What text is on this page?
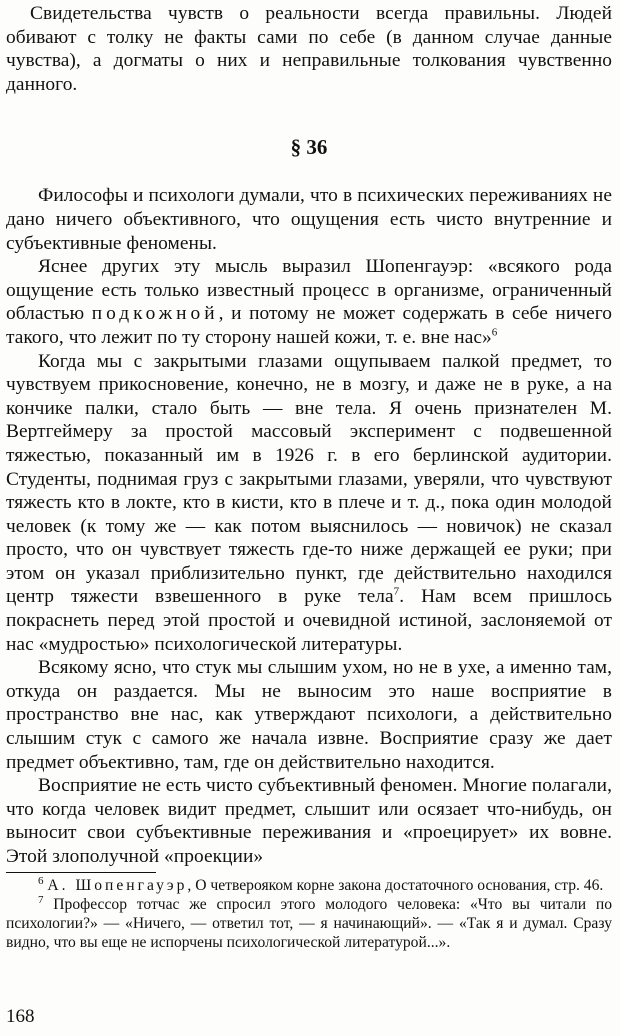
Свидетельства чувств о реальности всегда правильны. Людей обивают с толку не факты сами по себе (в данном случае данные чувства), а догматы о них и неправильные толкования чувственно данного.

§ 36

Философы и психологи думали, что в психических переживаниях не дано ничего объективного, что ощущения есть чисто внутренние и субъективные феномены.

Яснее других эту мысль выразил Шопенгауэр: «всякого рода ощущение есть только известный процесс в организме, ограниченный областью подкожной, и потому не может содержать в себе ничего такого, что лежит по ту сторону нашей кожи, т. е. вне нас»$^6$

Когда мы с закрытыми глазами ощупываем палкой предмет, то чувствуем прикосновение, конечно, не в мозгу, и даже не в руке, а на кончике палки, стало быть — вне тела. Я очень признателен М. Вертгеймеру за простой массовый эксперимент с подвешенной тяжестью, показанный им в 1926 г. в его берлинской аудитории. Студенты, поднимая груз с закрытыми глазами, уверяли, что чувствуют тяжесть кто в локте, кто в кисти, кто в плече и т. д., пока один молодой человек (к тому же — как потом выяснилось — новичок) не сказал просто, что он чувствует тяжесть где-то ниже держащей ее руки; при этом он указал приблизительно пункт, где действительно находился центр тяжести взвешенного в руке тела$^7$. Нам всем пришлось покраснеть перед этой простой и очевидной истиной, заслоняемой от нас «мудростью» психологической литературы.

Всякому ясно, что стук мы слышим ухом, но не в ухе, а именно там, откуда он раздается. Мы не выносим это наше восприятие в пространство вне нас, как утверждают психологи, а действительно слышим стук с самого же начала извне. Восприятие сразу же дает предмет объективно, там, где он действительно находится.

Восприятие не есть чисто субъективный феномен. Многие полагали, что когда человек видит предмет, слышит или осязает что-нибудь, он выносит свои субъективные переживания и «проецирует» их вовне. Этой злополучной «проекции»

$^6$ А. Шопенгауэр, О четверояком корне закона достаточного основания, стр. 46.

$^7$ Профессор тотчас же спросил этого молодого человека: «Что вы читали по психологии?» — «Ничего, — ответил тот, — я начинающий». — «Так я и думал. Сразу видно, что вы еще не испорчены психологической литературой...».

168
